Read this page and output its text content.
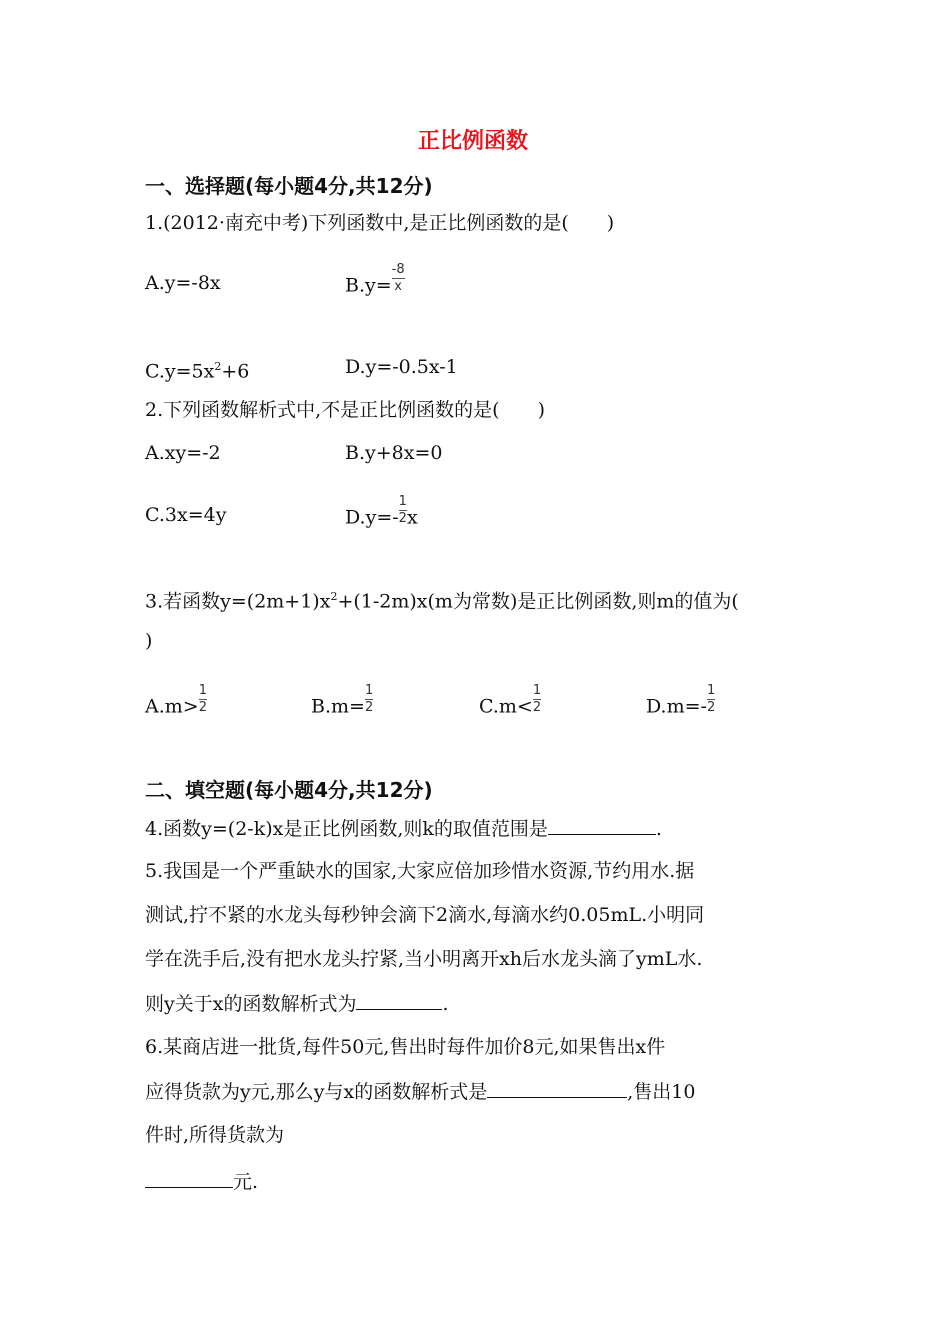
正比例函数
一、选择题(每小题4分,共12分)
1.(2012·南充中考)下列函数中,是正比例函数的是(　　)
A.y=-8x	$B.y= \frac{-8}{x}$
$C.y=5x^2+6$	D.y=-0.5x-1
2.下列函数解析式中,不是正比例函数的是(　　)
A.xy=-2	B.y+8x=0
C.3x=4y	$D.y=- \frac{1}{2}$ x
3.若函数$y=(2m+1)x^2+(1-2m)x(m$为常数)是正比例函数,则m的值为(
)
$A.m> \frac{1}{2}$	$B.m= \frac{1}{2}$	$C.m< \frac{1}{2}$	$D.m=- \frac{1}{2}$
二、填空题(每小题4分,共12分)
4.函数y=(2-k)x是正比例函数,则k的取值范围是	.
5.我国是一个严重缺水的国家,大家应倍加珍惜水资源,节约用水.据
测试,拧不紧的水龙头每秒钟会滴下2滴水,每滴水约0.05mL.小明同
学在洗手后,没有把水龙头拧紧,当小明离开xh后水龙头滴了ymL水.
则y关于x的函数解析式为	.
6.某商店进一批货,每件50元,售出时每件加价8元,如果售出x件
应得货款为y元,那么y与x的函数解析式是	,售出10
件时,所得货款为
元.
